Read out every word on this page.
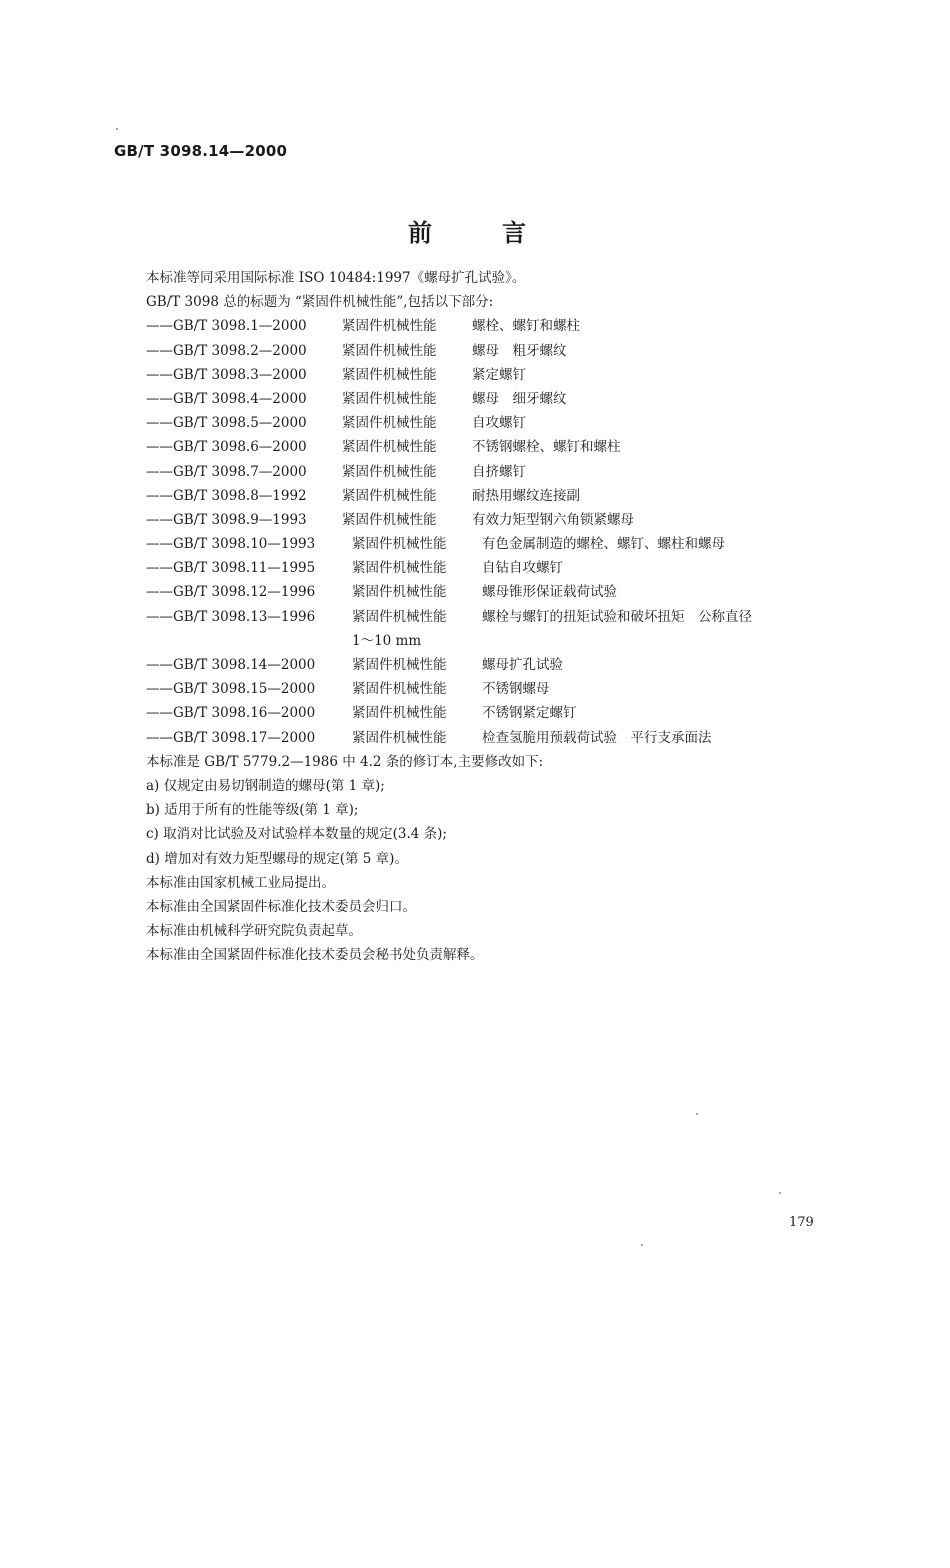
GB/T 3098.14—2000
前言
本标准等同采用国际标准 ISO 10484:1997《螺母扩孔试验》。
GB/T 3098 总的标题为 “紧固件机械性能”,包括以下部分:
——GB/T 3098.1—2000	紧固件机械性能	螺栓、螺钉和螺柱
——GB/T 3098.2—2000	紧固件机械性能	螺母　粗牙螺纹
——GB/T 3098.3—2000	紧固件机械性能	紧定螺钉
——GB/T 3098.4—2000	紧固件机械性能	螺母　细牙螺纹
——GB/T 3098.5—2000	紧固件机械性能	自攻螺钉
——GB/T 3098.6—2000	紧固件机械性能	不锈钢螺栓、螺钉和螺柱
——GB/T 3098.7—2000	紧固件机械性能	自挤螺钉
——GB/T 3098.8—1992	紧固件机械性能	耐热用螺纹连接副
——GB/T 3098.9—1993	紧固件机械性能	有效力矩型钢六角锁紧螺母
——GB/T 3098.10—1993	紧固件机械性能	有色金属制造的螺栓、螺钉、螺柱和螺母
——GB/T 3098.11—1995	紧固件机械性能	自钻自攻螺钉
——GB/T 3098.12—1996	紧固件机械性能	螺母锥形保证载荷试验
——GB/T 3098.13—1996	紧固件机械性能	螺栓与螺钉的扭矩试验和破坏扭矩　公称直径
1～10 mm
——GB/T 3098.14—2000	紧固件机械性能	螺母扩孔试验
——GB/T 3098.15—2000	紧固件机械性能	不锈钢螺母
——GB/T 3098.16—2000	紧固件机械性能	不锈钢紧定螺钉
——GB/T 3098.17—2000	紧固件机械性能	检查氢脆用预载荷试验　平行支承面法
本标准是 GB/T 5779.2—1986 中 4.2 条的修订本,主要修改如下:
a) 仅规定由易切钢制造的螺母(第 1 章);
b) 适用于所有的性能等级(第 1 章);
c) 取消对比试验及对试验样本数量的规定(3.4 条);
d) 增加对有效力矩型螺母的规定(第 5 章)。
本标准由国家机械工业局提出。
本标准由全国紧固件标准化技术委员会归口。
本标准由机械科学研究院负责起草。
本标准由全国紧固件标准化技术委员会秘书处负责解释。
179
